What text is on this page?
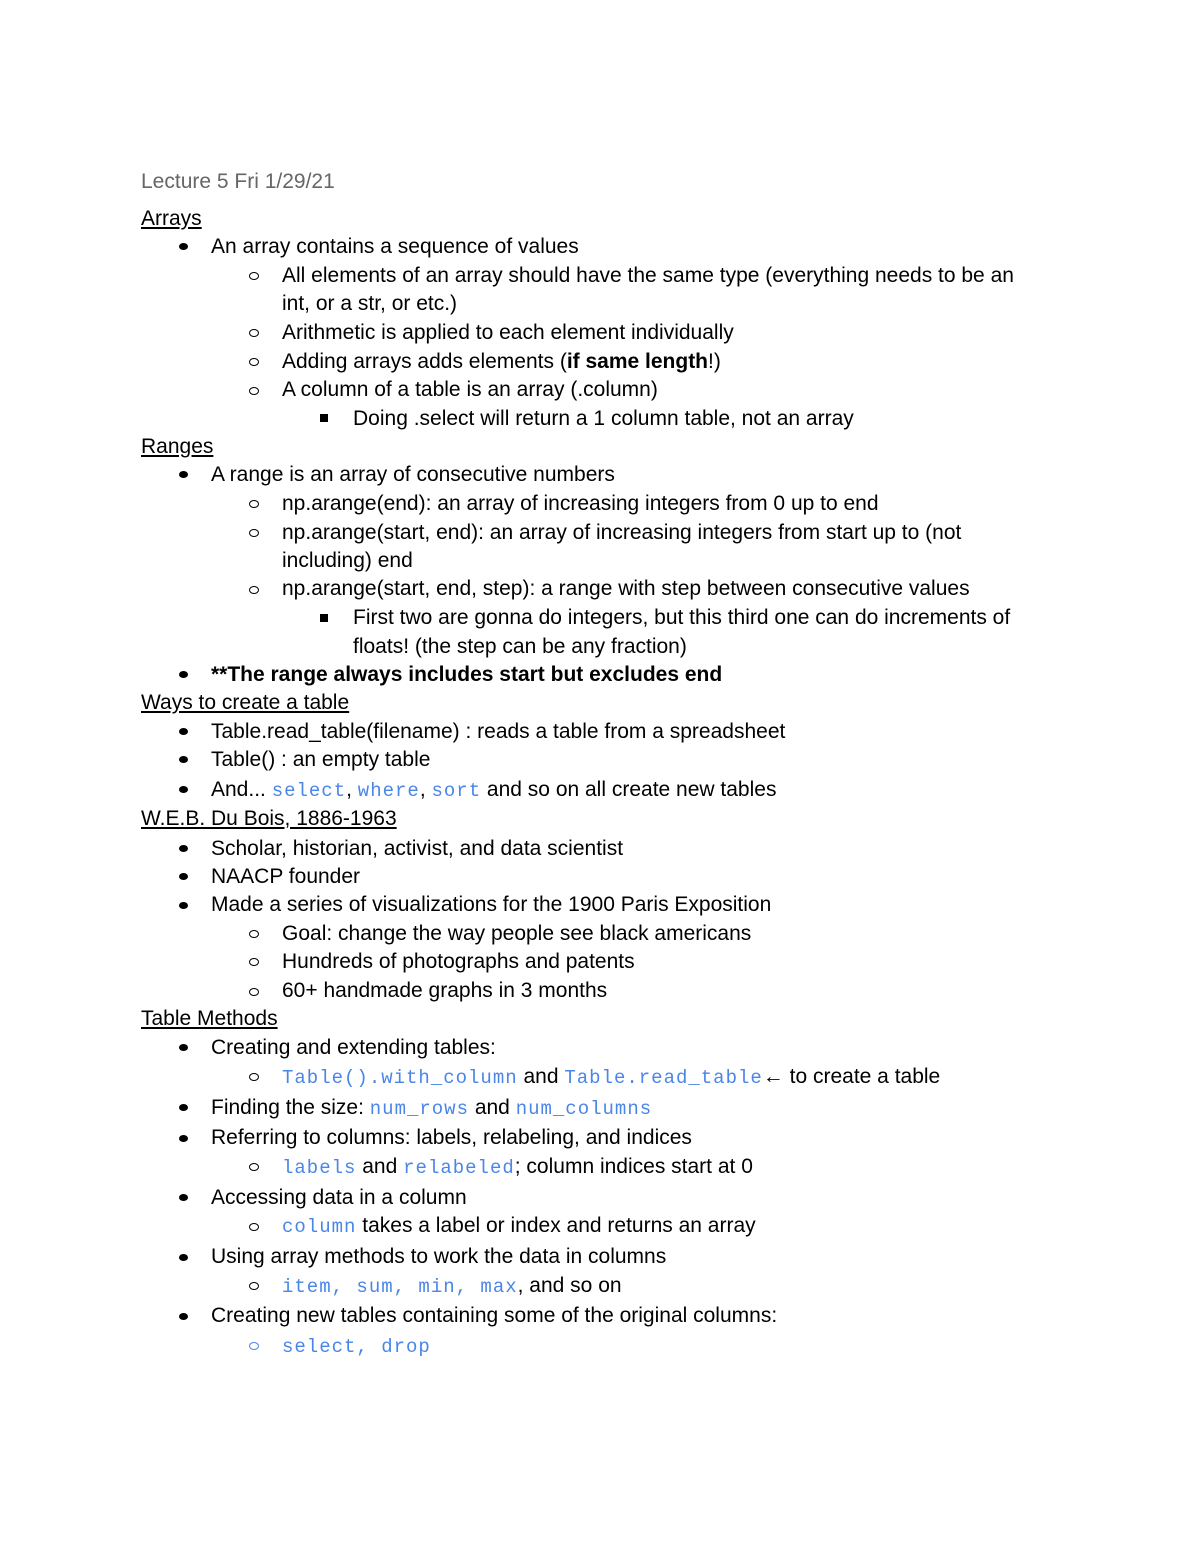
Lecture 5 Fri 1/29/21
Arrays
An array contains a sequence of values
All elements of an array should have the same type (everything needs to be an
int, or a str, or etc.)
Arithmetic is applied to each element individually
Adding arrays adds elements (if same length!)
A column of a table is an array (.column)
Doing .select will return a 1 column table, not an array
Ranges
A range is an array of consecutive numbers
np.arange(end): an array of increasing integers from 0 up to end
np.arange(start, end): an array of increasing integers from start up to (not
including) end
np.arange(start, end, step): a range with step between consecutive values
First two are gonna do integers, but this third one can do increments of
floats! (the step can be any fraction)
**The range always includes start but excludes end
Ways to create a table
Table.read_table(filename) : reads a table from a spreadsheet
Table() : an empty table
And... select, where, sort and so on all create new tables
W.E.B. Du Bois, 1886-1963
Scholar, historian, activist, and data scientist
NAACP founder
Made a series of visualizations for the 1900 Paris Exposition
Goal: change the way people see black americans
Hundreds of photographs and patents
60+ handmade graphs in 3 months
Table Methods
Creating and extending tables:
Table().with_column and Table.read_table← to create a table
Finding the size: num_rows and num_columns
Referring to columns: labels, relabeling, and indices
labels and relabeled; column indices start at 0
Accessing data in a column
column takes a label or index and returns an array
Using array methods to work the data in columns
item, sum, min, max, and so on
Creating new tables containing some of the original columns:
select, drop
